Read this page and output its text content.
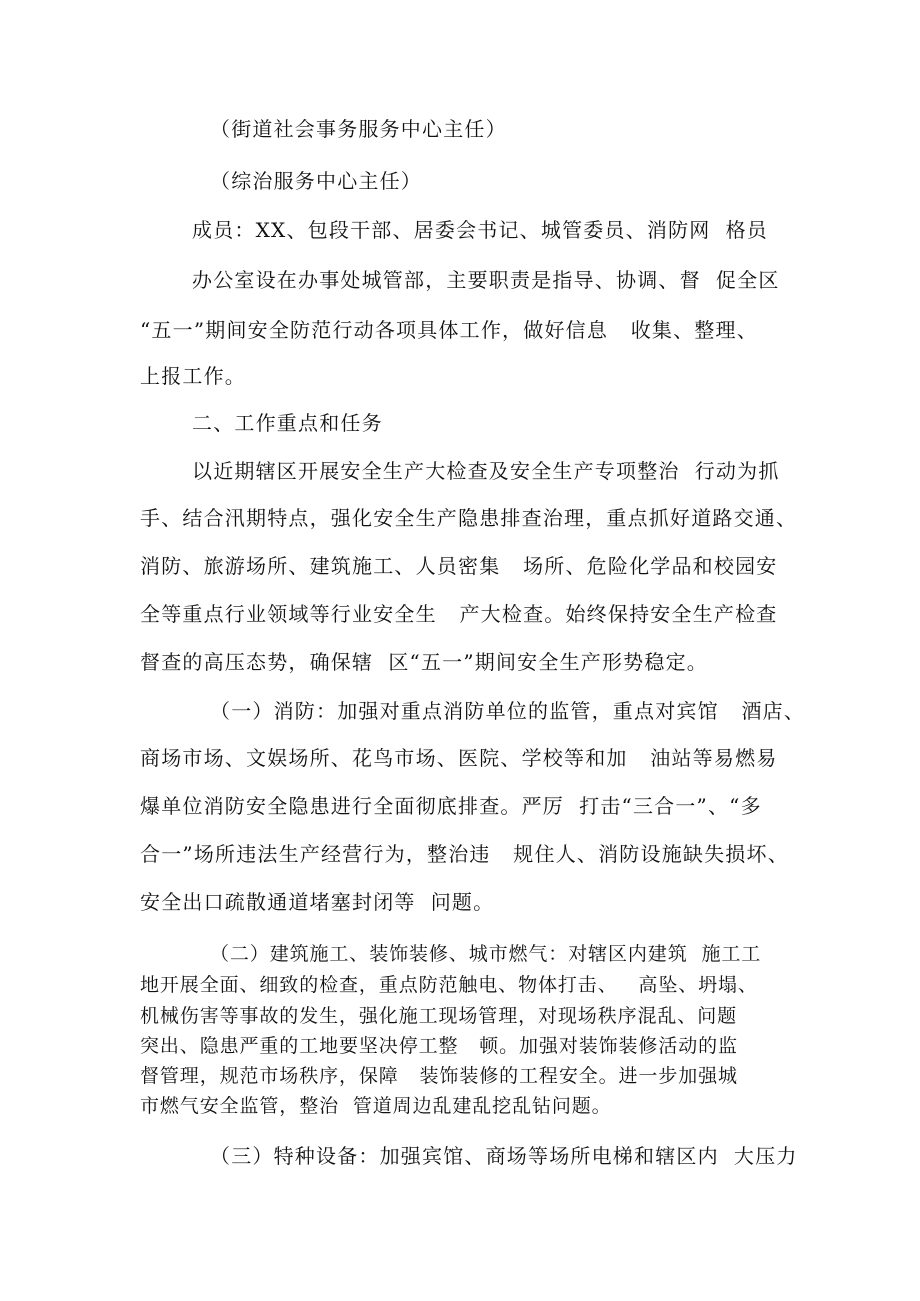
（街道社会事务服务中心主任）
（综治服务中心主任）
成员：XX、包段干部、居委会书记、城管委员、消防网  格员
办公室设在办事处城管部，主要职责是指导、协调、督  促全区
“五一”期间安全防范行动各项具体工作，做好信息   收集、整理、
上报工作。
二、工作重点和任务
以近期辖区开展安全生产大检查及安全生产专项整治  行动为抓
手、结合汛期特点，强化安全生产隐患排查治理，重点抓好道路交通、
消防、旅游场所、建筑施工、人员密集   场所、危险化学品和校园安
全等重点行业领域等行业安全生   产大检查。始终保持安全生产检查
督查的高压态势，确保辖  区“五一”期间安全生产形势稳定。
（一）消防：加强对重点消防单位的监管，重点对宾馆   酒店、
商场市场、文娱场所、花鸟市场、医院、学校等和加   油站等易燃易
爆单位消防安全隐患进行全面彻底排查。严厉  打击“三合一”、“多
合一”场所违法生产经营行为，整治违   规住人、消防设施缺失损坏、
安全出口疏散通道堵塞封闭等  问题。
（二）建筑施工、装饰装修、城市燃气：对辖区内建筑  施工工
地开展全面、细致的检查，重点防范触电、物体打击、   高坠、坍塌、
机械伤害等事故的发生，强化施工现场管理，对现场秩序混乱、问题
突出、隐患严重的工地要坚决停工整   顿。加强对装饰装修活动的监
督管理，规范市场秩序，保障   装饰装修的工程安全。进一步加强城
市燃气安全监管，整治  管道周边乱建乱挖乱钻问题。
（三）特种设备：加强宾馆、商场等场所电梯和辖区内  大压力
